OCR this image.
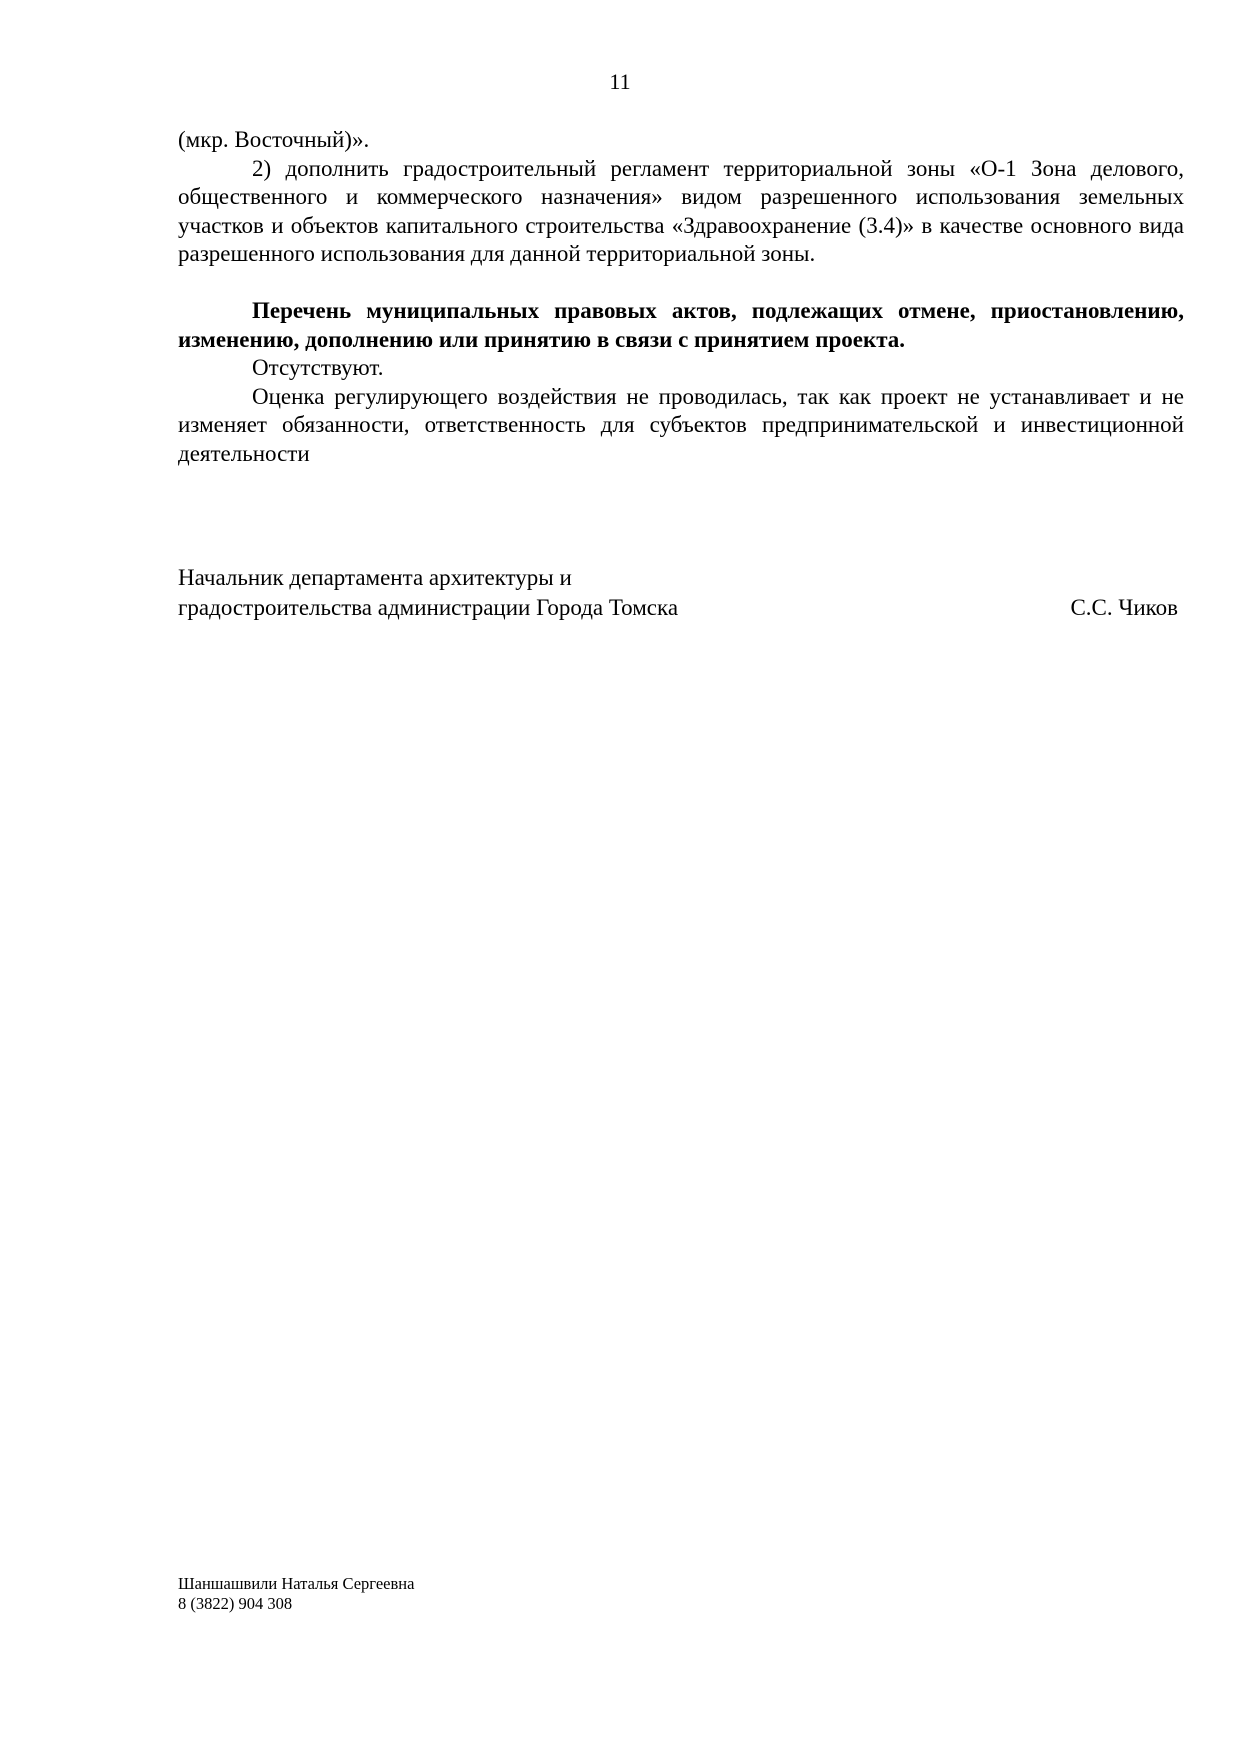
11

(мкр. Восточный)».

2) дополнить градостроительный регламент территориальной зоны «О-1 Зона делового, общественного и коммерческого назначения» видом разрешенного использования земельных участков и объектов капитального строительства «Здравоохранение (3.4)» в качестве основного вида разрешенного использования для данной территориальной зоны.

Перечень муниципальных правовых актов, подлежащих отмене, приостановлению, изменению, дополнению или принятию в связи с принятием проекта.

Отсутствуют.

Оценка регулирующего воздействия не проводилась, так как проект не устанавливает и не изменяет обязанности, ответственность для субъектов предпринимательской и инвестиционной деятельности

Начальник департамента архитектуры и
градостроительства администрации Города Томска	С.С. Чиков
Шаншашвили Наталья Сергеевна
8 (3822) 904 308
